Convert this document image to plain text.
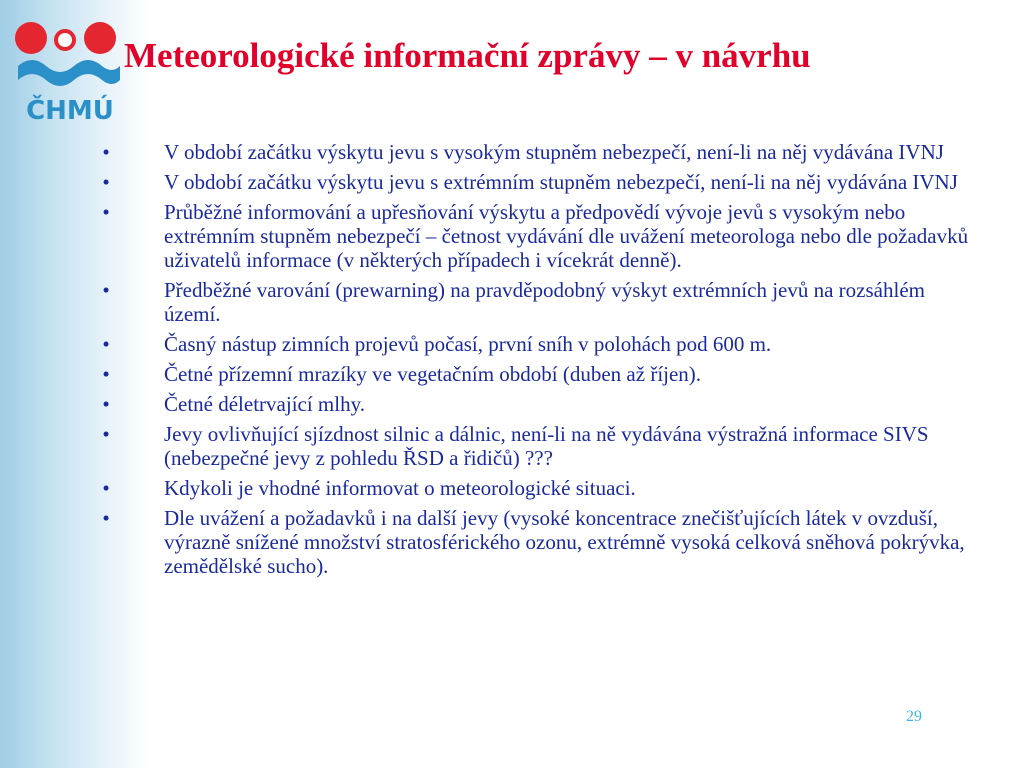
ČHMÚ
Meteorologické informační zprávy – v návrhu
•	V období začátku výskytu jevu s vysokým stupněm nebezpečí, není-li na něj vydávána IVNJ
•	V období začátku výskytu jevu s extrémním stupněm nebezpečí, není-li na něj vydávána IVNJ
•	Průběžné informování a upřesňování výskytu a předpovědí vývoje jevů s vysokým nebo extrémním stupněm nebezpečí – četnost vydávání dle uvážení meteorologa nebo dle požadavků uživatelů informace (v některých případech i vícekrát denně).
•	Předběžné varování (prewarning) na pravděpodobný výskyt extrémních jevů na rozsáhlém území.
•	Časný nástup zimních projevů počasí, první sníh v polohách pod 600 m.
•	Četné přízemní mrazíky ve vegetačním období (duben až říjen).
•	Četné déletrvající mlhy.
•	Jevy ovlivňující sjízdnost silnic a dálnic, není-li na ně vydávána výstražná informace SIVS (nebezpečné jevy z pohledu ŘSD a řidičů) ???
•	Kdykoli je vhodné informovat o meteorologické situaci.
•	Dle uvážení a požadavků i na další jevy (vysoké koncentrace znečišťujících látek v ovzduší, výrazně snížené množství stratosférického ozonu, extrémně vysoká celková sněhová pokrývka, zemědělské sucho).
29
